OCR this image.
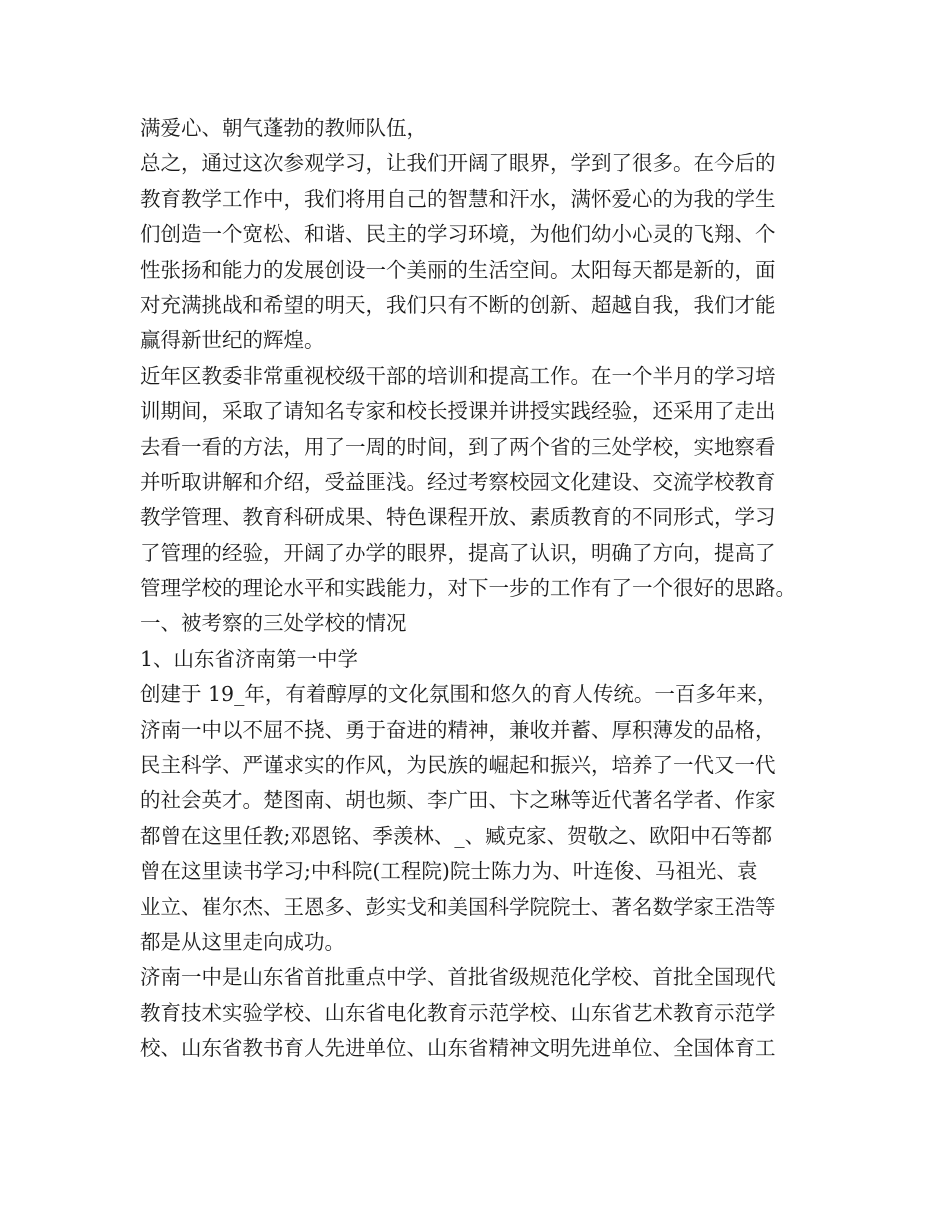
满爱心、朝气蓬勃的教师队伍，
总之，通过这次参观学习，让我们开阔了眼界，学到了很多。在今后的
教育教学工作中，我们将用自己的智慧和汗水，满怀爱心的为我的学生
们创造一个宽松、和谐、民主的学习环境，为他们幼小心灵的飞翔、个
性张扬和能力的发展创设一个美丽的生活空间。太阳每天都是新的，面
对充满挑战和希望的明天，我们只有不断的创新、超越自我，我们才能
赢得新世纪的辉煌。
近年区教委非常重视校级干部的培训和提高工作。在一个半月的学习培
训期间，采取了请知名专家和校长授课并讲授实践经验，还采用了走出
去看一看的方法，用了一周的时间，到了两个省的三处学校，实地察看
并听取讲解和介绍，受益匪浅。经过考察校园文化建设、交流学校教育
教学管理、教育科研成果、特色课程开放、素质教育的不同形式，学习
了管理的经验，开阔了办学的眼界，提高了认识，明确了方向，提高了
管理学校的理论水平和实践能力，对下一步的工作有了一个很好的思路。
一、被考察的三处学校的情况
1、山东省济南第一中学
创建于 19_年，有着醇厚的文化氛围和悠久的育人传统。一百多年来，
济南一中以不屈不挠、勇于奋进的精神，兼收并蓄、厚积薄发的品格，
民主科学、严谨求实的作风，为民族的崛起和振兴，培养了一代又一代
的社会英才。楚图南、胡也频、李广田、卞之琳等近代著名学者、作家
都曾在这里任教;邓恩铭、季羡林、_、臧克家、贺敬之、欧阳中石等都
曾在这里读书学习;中科院(工程院)院士陈力为、叶连俊、马祖光、袁
业立、崔尔杰、王恩多、彭实戈和美国科学院院士、著名数学家王浩等
都是从这里走向成功。
济南一中是山东省首批重点中学、首批省级规范化学校、首批全国现代
教育技术实验学校、山东省电化教育示范学校、山东省艺术教育示范学
校、山东省教书育人先进单位、山东省精神文明先进单位、全国体育工
